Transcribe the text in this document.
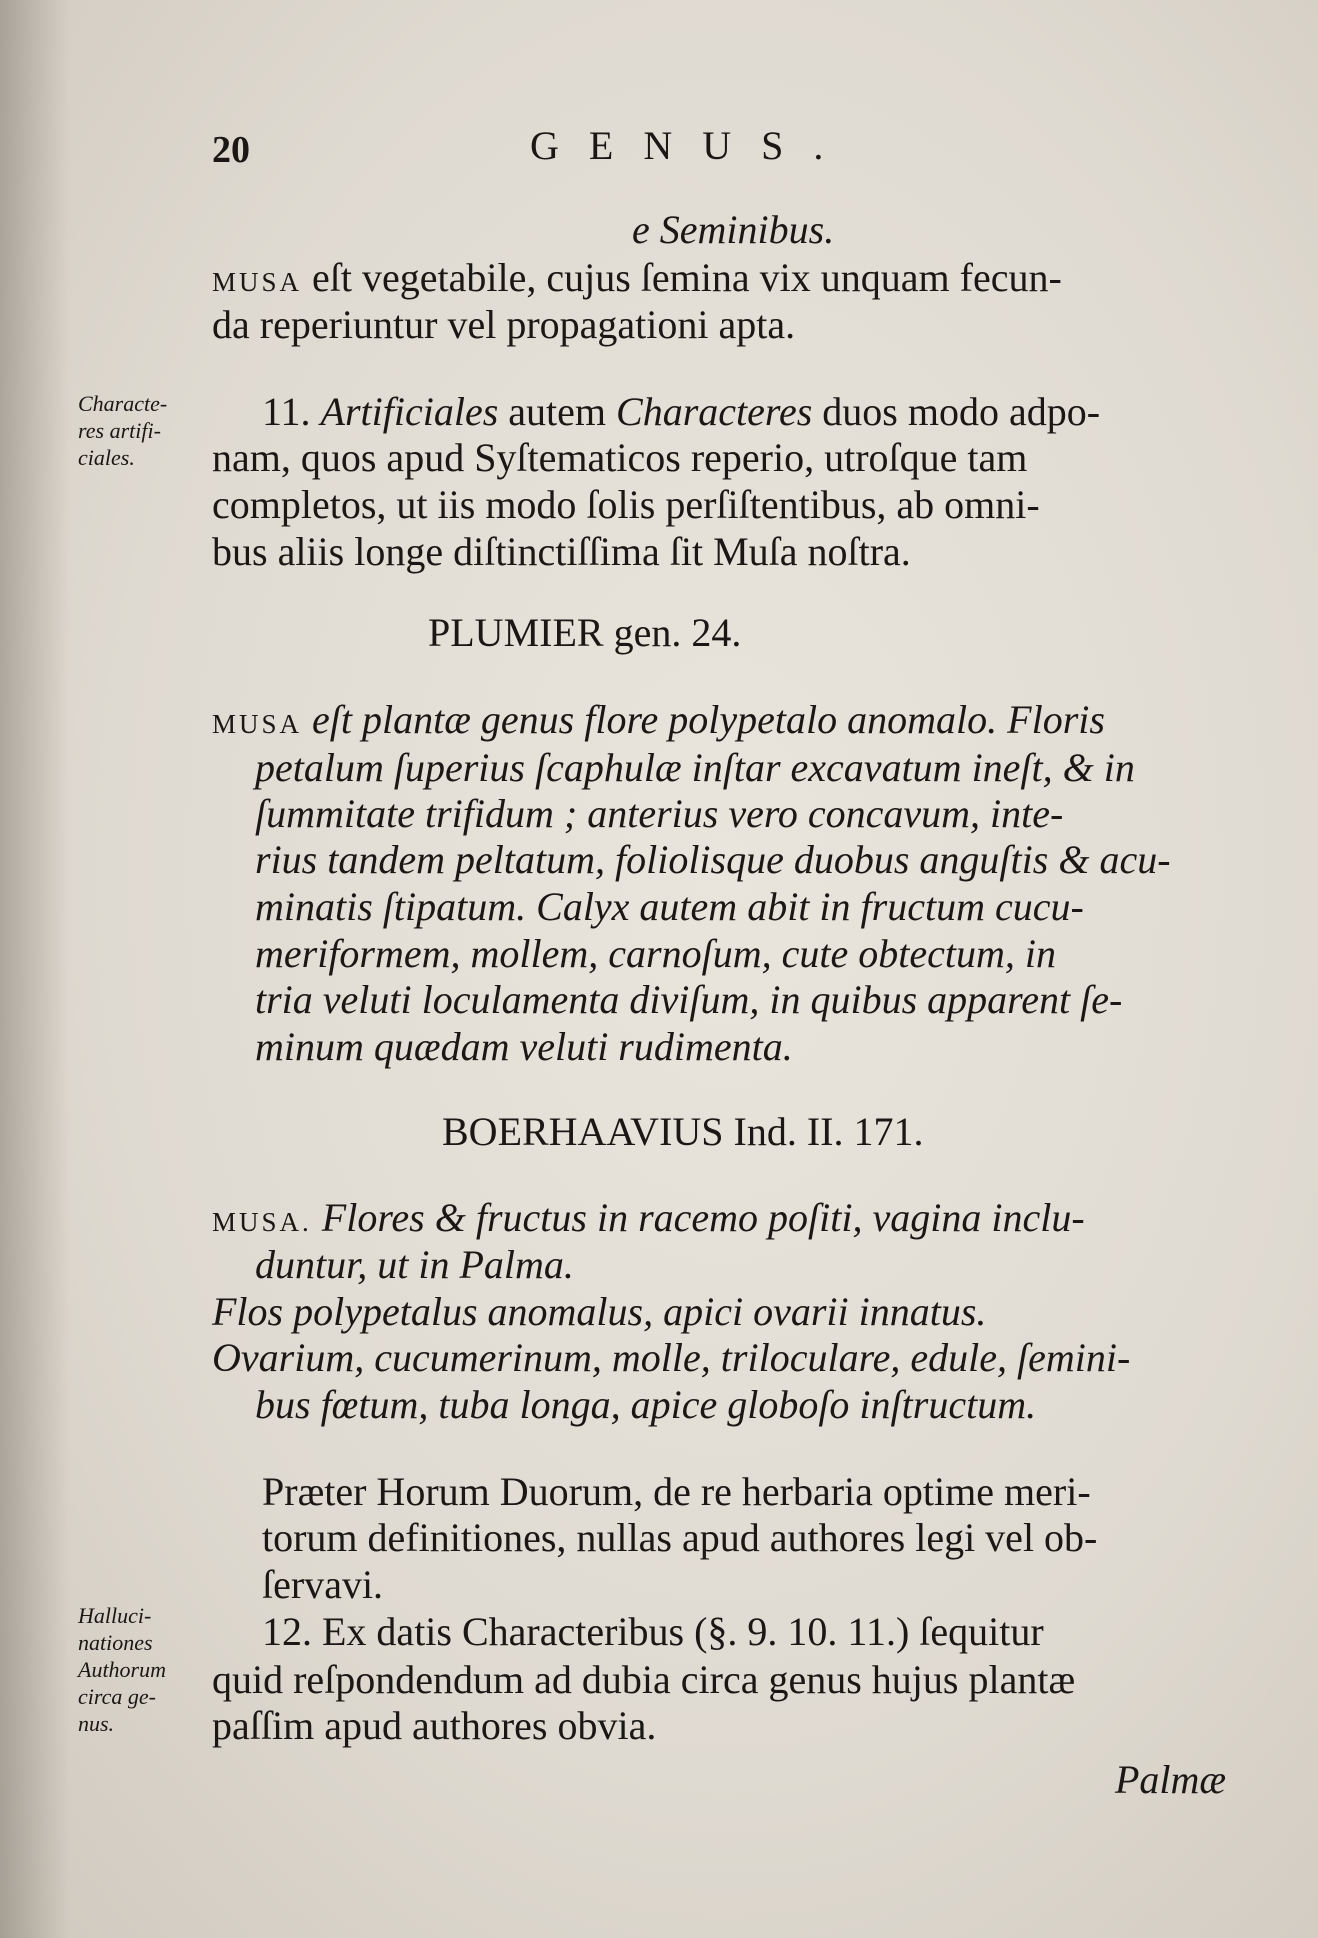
20	GENUS.
e Seminibus.
MUSA eſt vegetabile, cujus ſemina vix unquam fecun-
da reperiuntur vel propagationi apta.
Characte-
res artifi-
ciales.
11. Artificiales autem Characteres duos modo adpo-
nam, quos apud Syſtematicos reperio, utroſque tam
completos, ut iis modo ſolis perſiſtentibus, ab omni-
bus aliis longe diſtinctiſſima ſit Muſa noſtra.
PLUMIER gen. 24.
MUSA eſt plantæ genus flore polypetalo anomalo. Floris
petalum ſuperius ſcaphulæ inſtar excavatum ineſt, & in
ſummitate trifidum ; anterius vero concavum, inte-
rius tandem peltatum, foliolisque duobus anguſtis & acu-
minatis ſtipatum. Calyx autem abit in fructum cucu-
meriformem, mollem, carnoſum, cute obtectum, in
tria veluti loculamenta diviſum, in quibus apparent ſe-
minum quædam veluti rudimenta.
BOERHAAVIUS Ind. II. 171.
MUSA. Flores & fructus in racemo poſiti, vagina inclu-
duntur, ut in Palma.
Flos polypetalus anomalus, apici ovarii innatus.
Ovarium, cucumerinum, molle, triloculare, edule, ſemini-
bus fœtum, tuba longa, apice globoſo inſtructum.
Præter Horum Duorum, de re herbaria optime meri-
torum definitiones, nullas apud authores legi vel ob-
ſervavi.
Halluci-
nationes
Authorum
circa ge-
nus.
12. Ex datis Characteribus (§. 9. 10. 11.) ſequitur
quid reſpondendum ad dubia circa genus hujus plantæ
paſſim apud authores obvia.
Palmæ
